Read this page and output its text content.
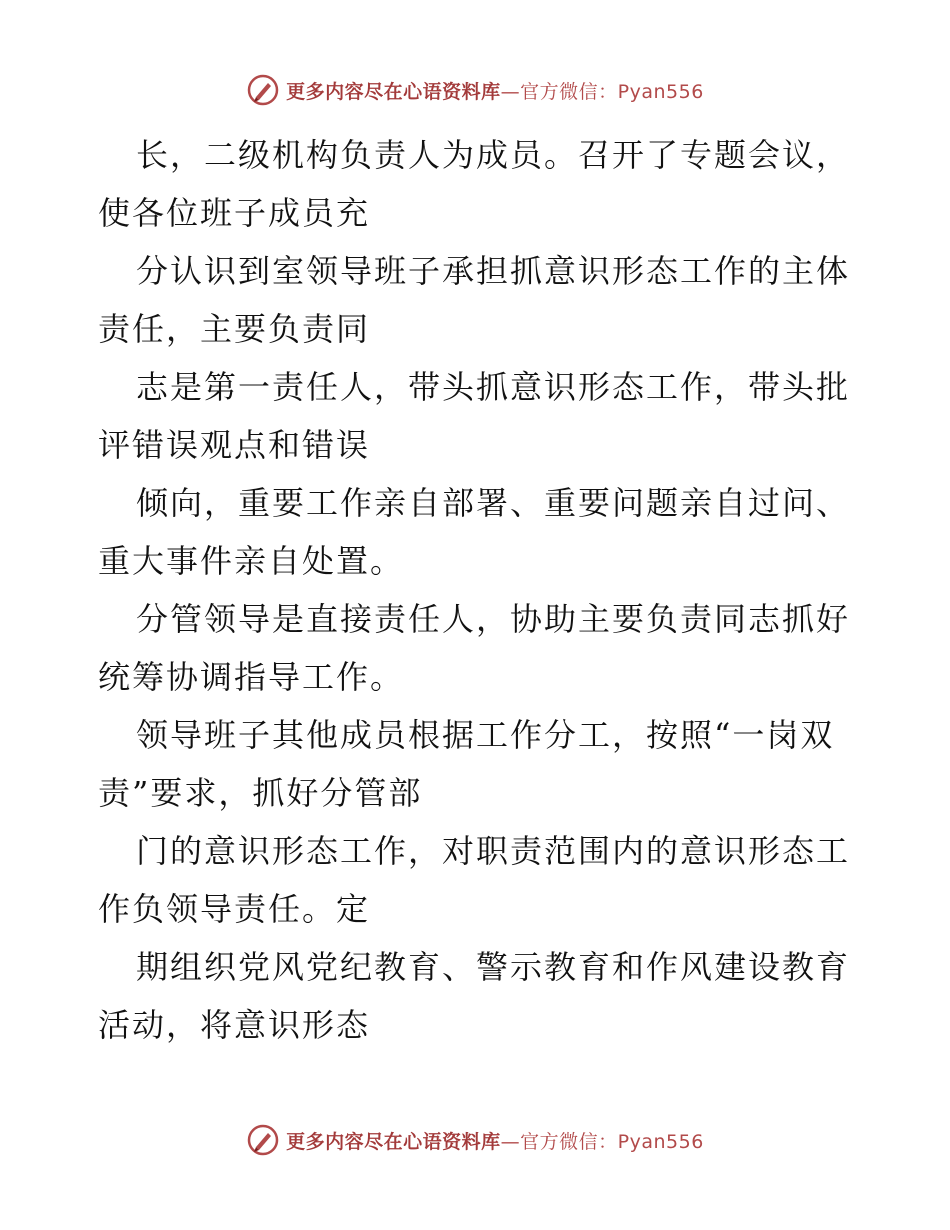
更多内容尽在心语资料库—官方微信：Pyan556
长，二级机构负责人为成员。召开了专题会议，
使各位班子成员充
分认识到室领导班子承担抓意识形态工作的主体
责任，主要负责同
志是第一责任人，带头抓意识形态工作，带头批
评错误观点和错误
倾向，重要工作亲自部署、重要问题亲自过问、
重大事件亲自处置。
分管领导是直接责任人，协助主要负责同志抓好
统筹协调指导工作。
领导班子其他成员根据工作分工，按照“一岗双
责”要求，抓好分管部
门的意识形态工作，对职责范围内的意识形态工
作负领导责任。定
期组织党风党纪教育、警示教育和作风建设教育
活动，将意识形态
更多内容尽在心语资料库—官方微信：Pyan556
